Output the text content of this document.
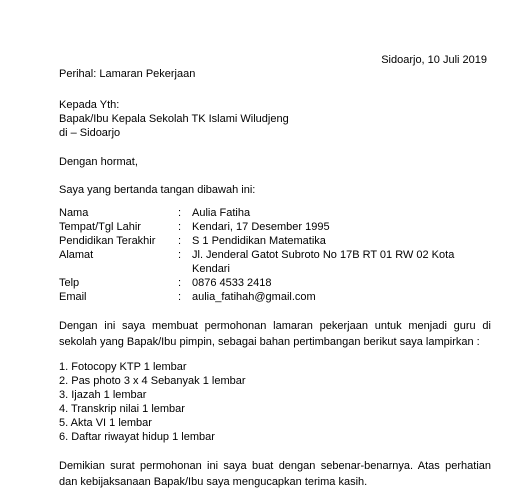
Sidoarjo, 10 Juli 2019
Perihal: Lamaran Pekerjaan
Kepada Yth:
Bapak/Ibu Kepala Sekolah TK Islami Wiludjeng
di – Sidoarjo
Dengan hormat,
Saya yang bertanda tangan dibawah ini:
Nama	: Aulia Fatiha
Tempat/Tgl Lahir	: Kendari, 17 Desember 1995
Pendidikan Terakhir : S 1 Pendidikan Matematika
Alamat	: Jl. Jenderal Gatot Subroto No 17B RT 01 RW 02 Kota Kendari
Telp	: 0876 4533 2418
Email	: aulia_fatihah@gmail.com
Dengan ini saya membuat permohonan lamaran pekerjaan untuk menjadi guru di sekolah yang Bapak/Ibu pimpin, sebagai bahan pertimbangan berikut saya lampirkan :
1. Fotocopy KTP 1 lembar
2. Pas photo 3 x 4 Sebanyak 1 lembar
3. Ijazah 1 lembar
4. Transkrip nilai 1 lembar
5. Akta VI 1 lembar
6. Daftar riwayat hidup 1 lembar
Demikian surat permohonan ini saya buat dengan sebenar-benarnya. Atas perhatian dan kebijaksanaan Bapak/Ibu saya mengucapkan terima kasih.
